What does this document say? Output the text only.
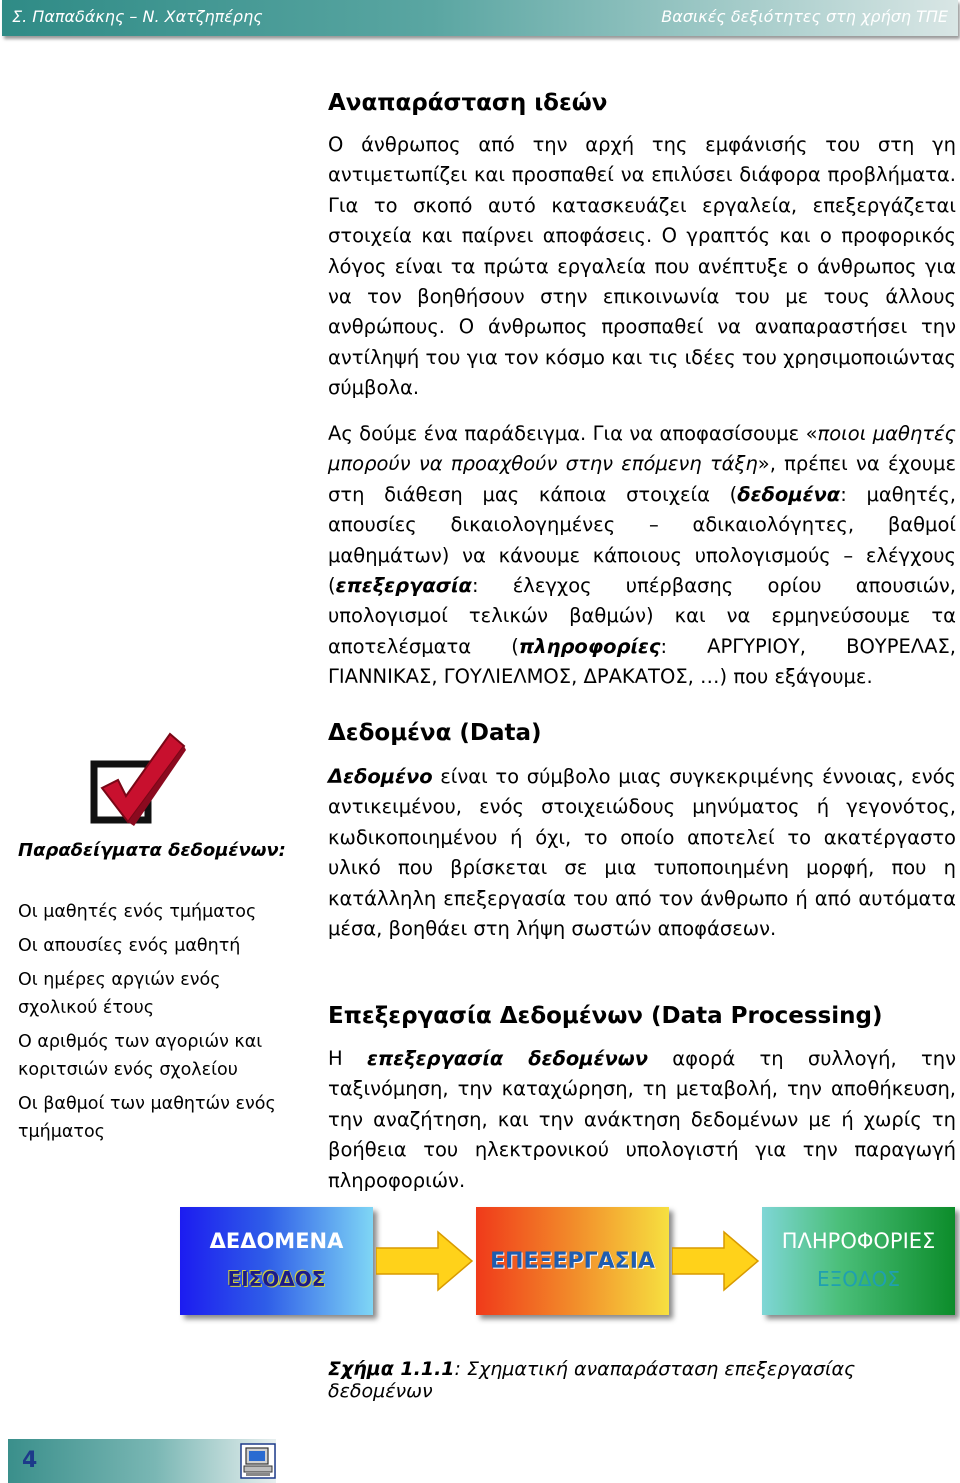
Σ. Παπαδάκης – Ν. Χατζηπέρης	Βασικές δεξιότητες στη χρήση ΤΠΕ
Αναπαράσταση ιδεών
Ο άνθρωπος από την αρχή της εμφάνισής του στη γη αντιμετωπίζει και προσπαθεί να επιλύσει διάφορα προβλήματα. Για το σκοπό αυτό κατασκευάζει εργαλεία, επεξεργάζεται στοιχεία και παίρνει αποφάσεις. Ο γραπτός και ο προφορικός λόγος είναι τα πρώτα εργαλεία που ανέπτυξε ο άνθρωπος για να τον βοηθήσουν στην επικοινωνία του με τους άλλους ανθρώπους. Ο άνθρωπος προσπαθεί να αναπαραστήσει την αντίληψή του για τον κόσμο και τις ιδέες του χρησιμοποιώντας σύμβολα.
Ας δούμε ένα παράδειγμα. Για να αποφασίσουμε «ποιοι μαθητές μπορούν να προαχθούν στην επόμενη τάξη», πρέπει να έχουμε στη διάθεση μας κάποια στοιχεία (δεδομένα: μαθητές, απουσίες δικαιολογημένες – αδικαιολόγητες, βαθμοί μαθημάτων) να κάνουμε κάποιους υπολογισμούς – ελέγχους (επεξεργασία: έλεγχος υπέρβασης ορίου απουσιών, υπολογισμοί τελικών βαθμών) και να ερμηνεύσουμε τα αποτελέσματα (πληροφορίες: ΑΡΓΥΡΙΟΥ, ΒΟΥΡΕΛΑΣ, ΓΙΑΝΝΙΚΑΣ, ΓΟΥΛΙΕΛΜΟΣ, ΔΡΑΚΑΤΟΣ, …) που εξάγουμε.
Παραδείγματα δεδομένων:
Οι μαθητές ενός τμήματος
Οι απουσίες ενός μαθητή
Οι ημέρες αργιών ενός σχολικού έτους
Ο αριθμός των αγοριών και κοριτσιών ενός σχολείου
Οι βαθμοί των μαθητών ενός τμήματος
Δεδομένα (Data)
Δεδομένο είναι το σύμβολο μιας συγκεκριμένης έννοιας, ενός αντικειμένου, ενός στοιχειώδους μηνύματος ή γεγονότος, κωδικοποιημένου ή όχι, το οποίο αποτελεί το ακατέργαστο υλικό που βρίσκεται σε μια τυποποιημένη μορφή, που η κατάλληλη επεξεργασία του από τον άνθρωπο ή από αυτόματα μέσα, βοηθάει στη λήψη σωστών αποφάσεων.
Επεξεργασία Δεδομένων (Data Processing)
Η επεξεργασία δεδομένων αφορά τη συλλογή, την ταξινόμηση, την καταχώρηση, τη μεταβολή, την αποθήκευση, την αναζήτηση, και την ανάκτηση δεδομένων με ή χωρίς τη βοήθεια του ηλεκτρονικού υπολογιστή για την παραγωγή πληροφοριών.
ΔΕΔΟΜΕΝΑ
ΕΙΣΟΔΟΣ
ΕΠΕΞΕΡΓΑΣΙΑ
ΠΛΗΡΟΦΟΡΙΕΣ
ΕΞΟΔΟΣ
Σχήμα 1.1.1: Σχηματική αναπαράσταση επεξεργασίας δεδομένων
4
